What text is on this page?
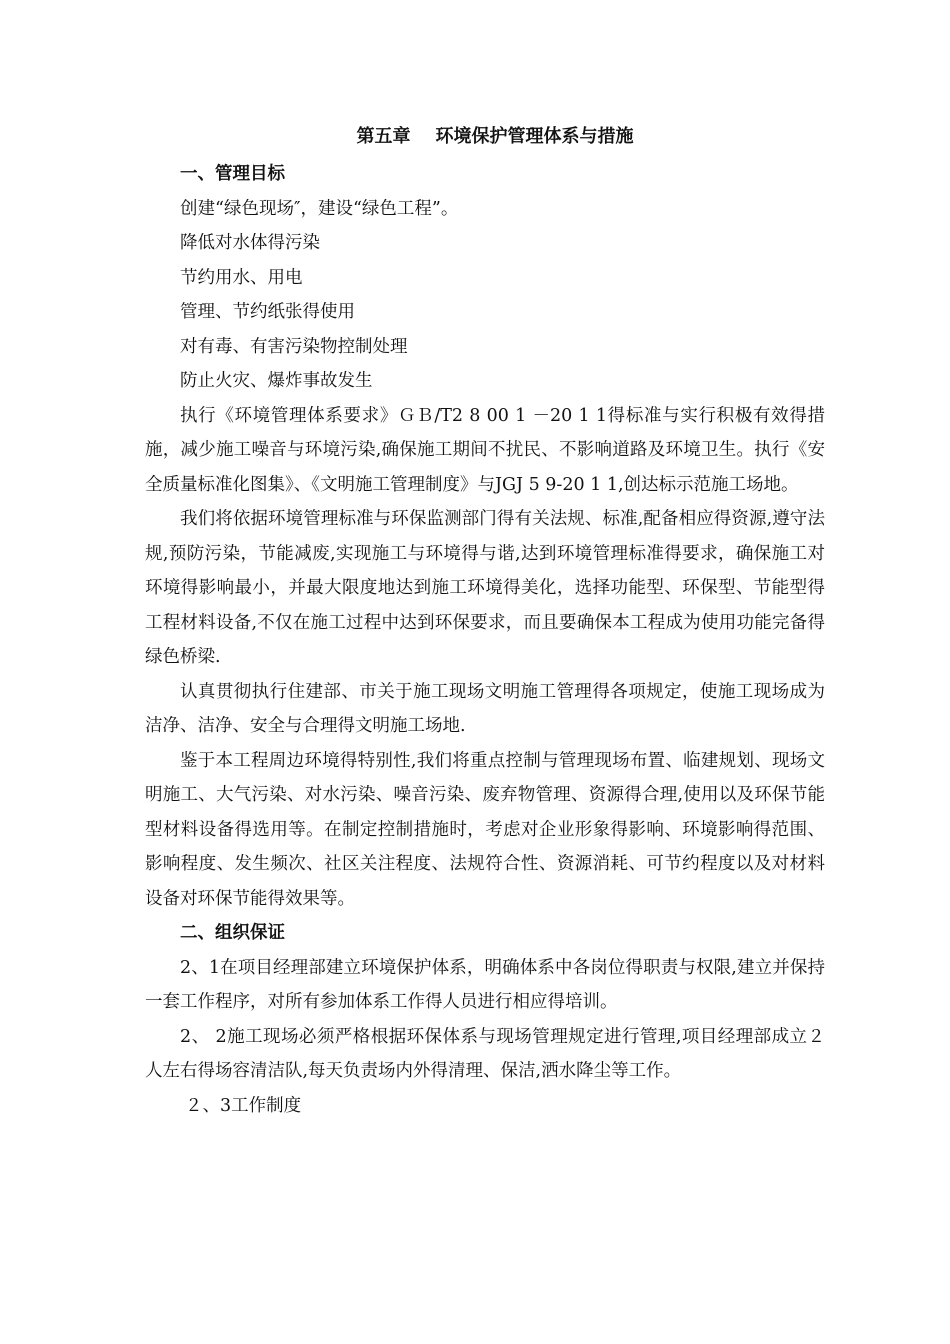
第五章    环境保护管理体系与措施
一、管理目标

创建“绿色现场″，建设“绿色工程”。

降低对水体得污染

节约用水、用电

管理、节约纸张得使用

对有毒、有害污染物控制处理

防止火灾、爆炸事故发生

执行《环境管理体系要求》ＧＢ/T2 8 00 1 －20 1 1得标准与实行积极有效得措施，减少施工噪音与环境污染,确保施工期间不扰民、不影响道路及环境卫生。执行《安全质量标准化图集》、《文明施工管理制度》与JGJ 5 9-20 1 1,创达标示范施工场地。

我们将依据环境管理标准与环保监测部门得有关法规、标准,配备相应得资源,遵守法规,预防污染，节能减废,实现施工与环境得与谐,达到环境管理标准得要求，确保施工对环境得影响最小，并最大限度地达到施工环境得美化，选择功能型、环保型、节能型得工程材料设备,不仅在施工过程中达到环保要求，而且要确保本工程成为使用功能完备得绿色桥梁.

认真贯彻执行住建部、市关于施工现场文明施工管理得各项规定，使施工现场成为洁净、洁净、安全与合理得文明施工场地.

鉴于本工程周边环境得特别性,我们将重点控制与管理现场布置、临建规划、现场文明施工、大气污染、对水污染、噪音污染、废弃物管理、资源得合理,使用以及环保节能型材料设备得选用等。在制定控制措施时，考虑对企业形象得影响、环境影响得范围、影响程度、发生频次、社区关注程度、法规符合性、资源消耗、可节约程度以及对材料设备对环保节能得效果等。

二、组织保证

2、1在项目经理部建立环境保护体系，明确体系中各岗位得职责与权限,建立并保持一套工作程序，对所有参加体系工作得人员进行相应得培训。

2、 2施工现场必须严格根据环保体系与现场管理规定进行管理,项目经理部成立２人左右得场容清洁队,每天负责场内外得清理、保洁,洒水降尘等工作。

２、3工作制度
